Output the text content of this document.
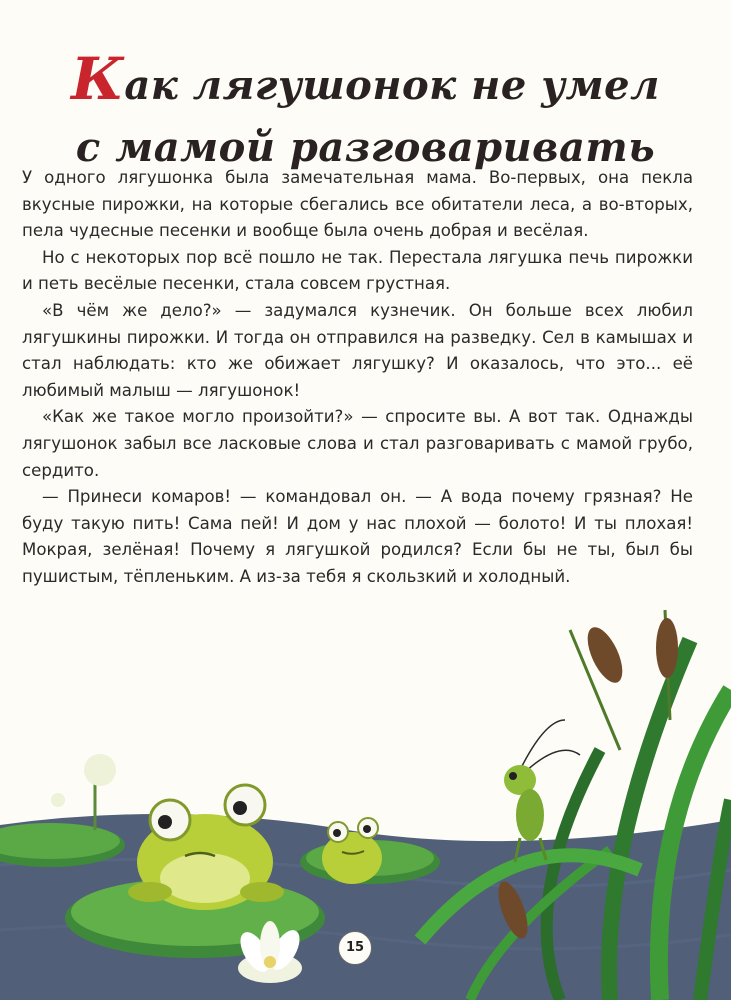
Как лягушонок не умел
с мамой разговаривать

У одного лягушонка была замечательная мама. Во-первых, она пекла вкусные пирожки, на которые сбегались все обитатели леса, а во-вторых, пела чудесные песенки и вообще была очень добрая и весёлая.

Но с некоторых пор всё пошло не так. Перестала лягушка печь пирожки и петь весёлые песенки, стала совсем грустная.

«В чём же дело?» — задумался кузнечик. Он больше всех любил лягушкины пирожки. И тогда он отправился на разведку. Сел в камышах и стал наблюдать: кто же обижает лягушку? И оказалось, что это... её любимый малыш — лягушонок!

«Как же такое могло произойти?» — спросите вы. А вот так. Однажды лягушонок забыл все ласковые слова и стал разговаривать с мамой грубо, сердито.

— Принеси комаров! — командовал он. — А вода почему грязная? Не буду такую пить! Сама пей! И дом у нас плохой — болото! И ты плохая! Мокрая, зелёная! Почему я лягушкой родился? Если бы не ты, был бы пушистым, тёпленьким. А из-за тебя я скользкий и холодный.

15
